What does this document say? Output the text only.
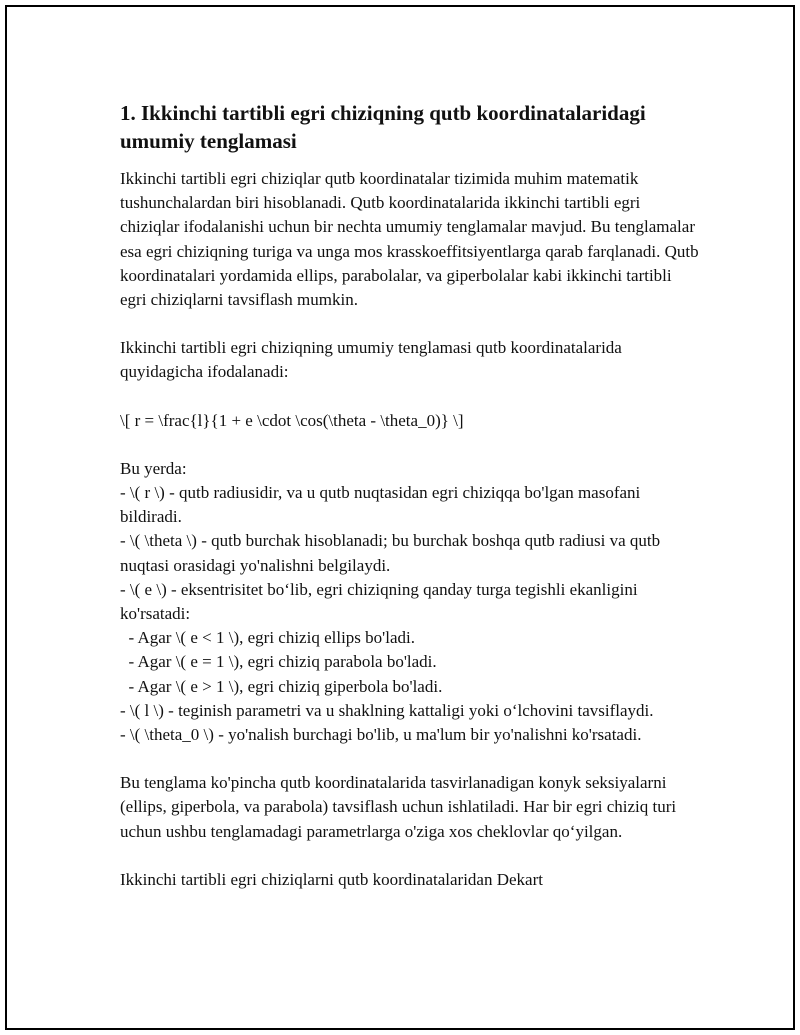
1. Ikkinchi tartibli egri chiziqning qutb koordinatalaridagi umumiy tenglamasi

Ikkinchi tartibli egri chiziqlar qutb koordinatalar tizimida muhim matematik tushunchalardan biri hisoblanadi. Qutb koordinatalarida ikkinchi tartibli egri chiziqlar ifodalanishi uchun bir nechta umumiy tenglamalar mavjud. Bu tenglamalar esa egri chiziqning turiga va unga mos krasskoeffitsiyentlarga qarab farqlanadi. Qutb koordinatalari yordamida ellips, parabolalar, va giperbolalar kabi ikkinchi tartibli egri chiziqlarni tavsiflash mumkin.

Ikkinchi tartibli egri chiziqning umumiy tenglamasi qutb koordinatalarida quyidagicha ifodalanadi:

\[ r = \frac{l}{1 + e \cdot \cos(\theta - \theta_0)} \]

Bu yerda:
- \( r \) - qutb radiusidir, va u qutb nuqtasidan egri chiziqqa bo'lgan masofani bildiradi.
- \( \theta \) - qutb burchak hisoblanadi; bu burchak boshqa qutb radiusi va qutb nuqtasi orasidagi yo'nalishni belgilaydi.
- \( e \) - eksentrisitet bo‘lib, egri chiziqning qanday turga tegishli ekanligini ko'rsatadi:
- Agar \( e < 1 \), egri chiziq ellips bo'ladi.
- Agar \( e = 1 \), egri chiziq parabola bo'ladi.
- Agar \( e > 1 \), egri chiziq giperbola bo'ladi.
- \( l \) - teginish parametri va u shaklning kattaligi yoki o‘lchovini tavsiflaydi.
- \( \theta_0 \) - yo'nalish burchagi bo'lib, u ma'lum bir yo'nalishni ko'rsatadi.

Bu tenglama ko'pincha qutb koordinatalarida tasvirlanadigan konyk seksiyalarni (ellips, giperbola, va parabola) tavsiflash uchun ishlatiladi. Har bir egri chiziq turi uchun ushbu tenglamadagi parametrlarga o'ziga xos cheklovlar qo‘yilgan.

Ikkinchi tartibli egri chiziqlarni qutb koordinatalaridan Dekart
